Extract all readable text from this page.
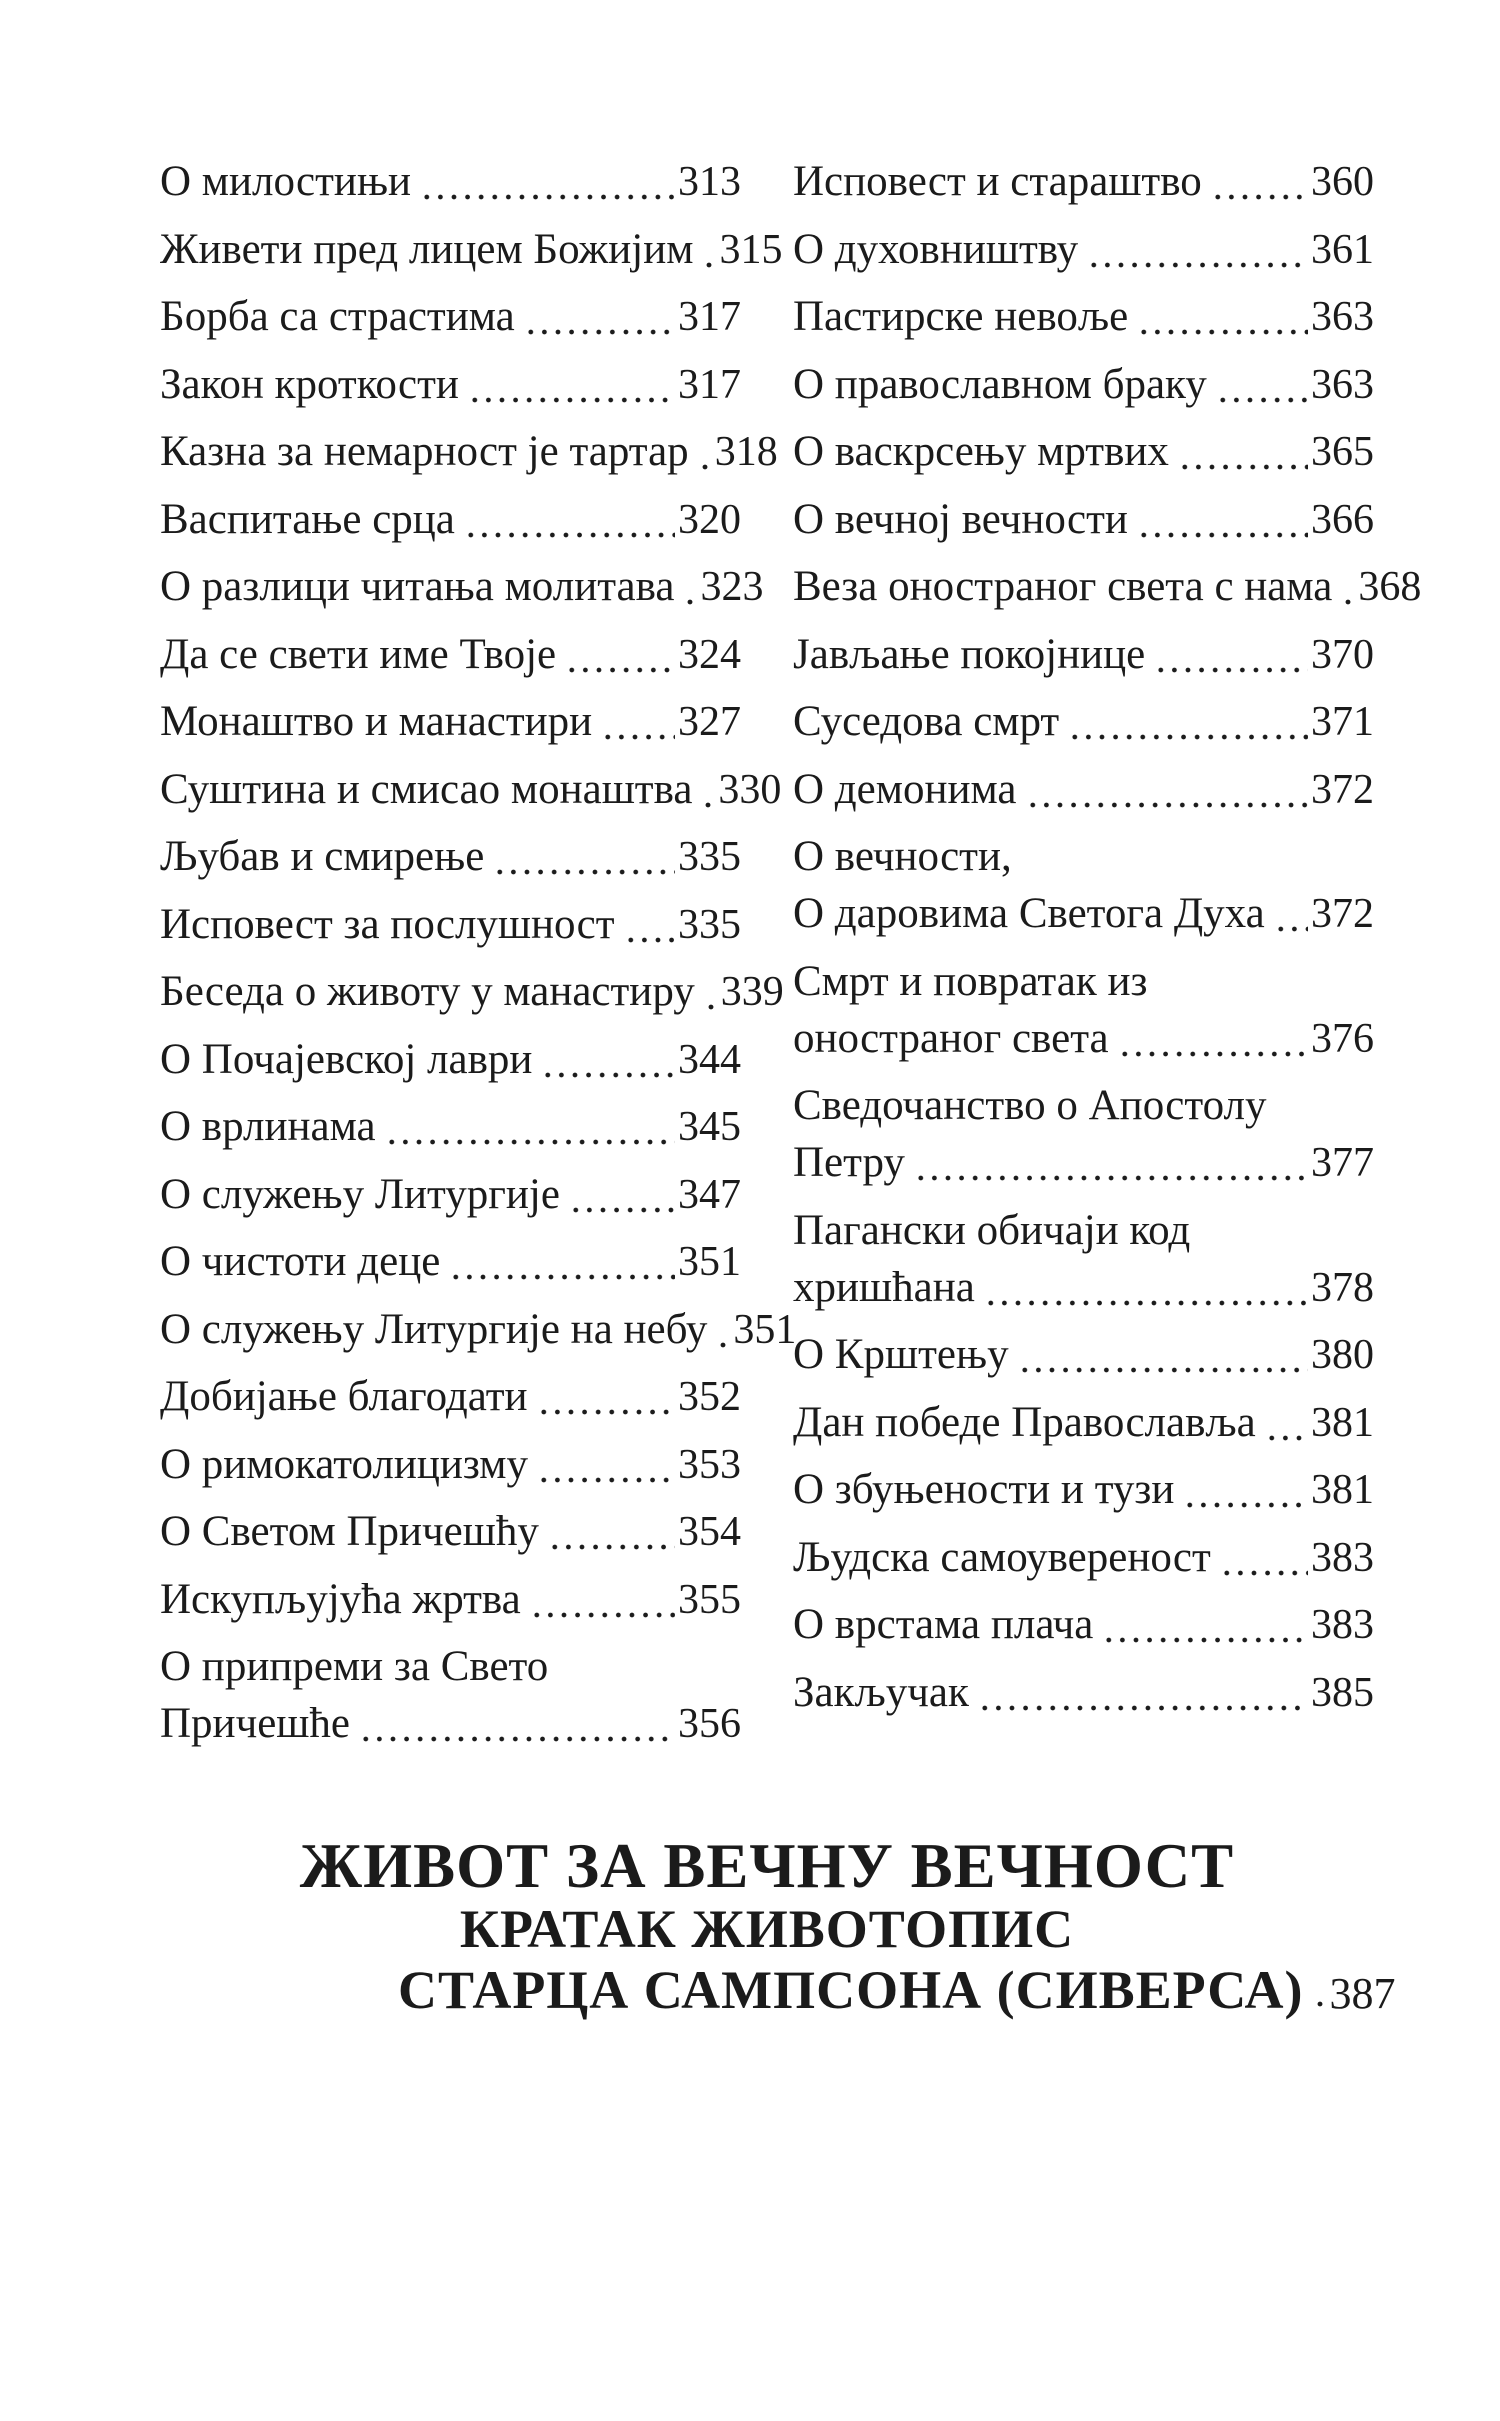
О милостињи	313
Живети пред лицем Божијим 315
Борба са страстима	317
Закон кроткости	317
Казна за немарност је тартар 318
Васпитање срца	320
О разлици читања молитава 323
Да се свети име Твоје	324
Монаштво и манастири 327
Суштина и смисао монаштва 330
Љубав и смирење	335
Исповест за послушност 335
Беседа о животу у манастиру 339
О Почајевској лаври	344
О врлинама	345
О служењу Литургије	347
О чистоти деце	351
О служењу Литургије на небу 351
Добијање благодати	352
О римокатолицизму	353
О Светом Причешћу	354
Искупљујућа жртва	355
О припреми за Свето
Причешће	356
Исповест и стараштво	360
О духовништву	361
Пастирске невоље	363
О православном браку 363
О васкрсењу мртвих	365
О вечној вечности	366
Веза оностраног света с нама 368
Јављање покојнице	370
Суседова смрт	371
О демонима	372
О вечности,
О даровима Светога Духа 372
Смрт и повратак из
оностраног света	376
Сведочанство о Апостолу
Петру	377
Пагански обичаји код
хришћана	378
О Крштењу	380
Дан победе Православља 381
О збуњености и тузи	381
Људска самоувереност 383
О врстама плача	383
Закључак	385
ЖИВОТ ЗА ВЕЧНУ ВЕЧНОСТ
КРАТАК ЖИВОТОПИС
СТАРЦА САМПСОНА (СИВЕРСА) 387
